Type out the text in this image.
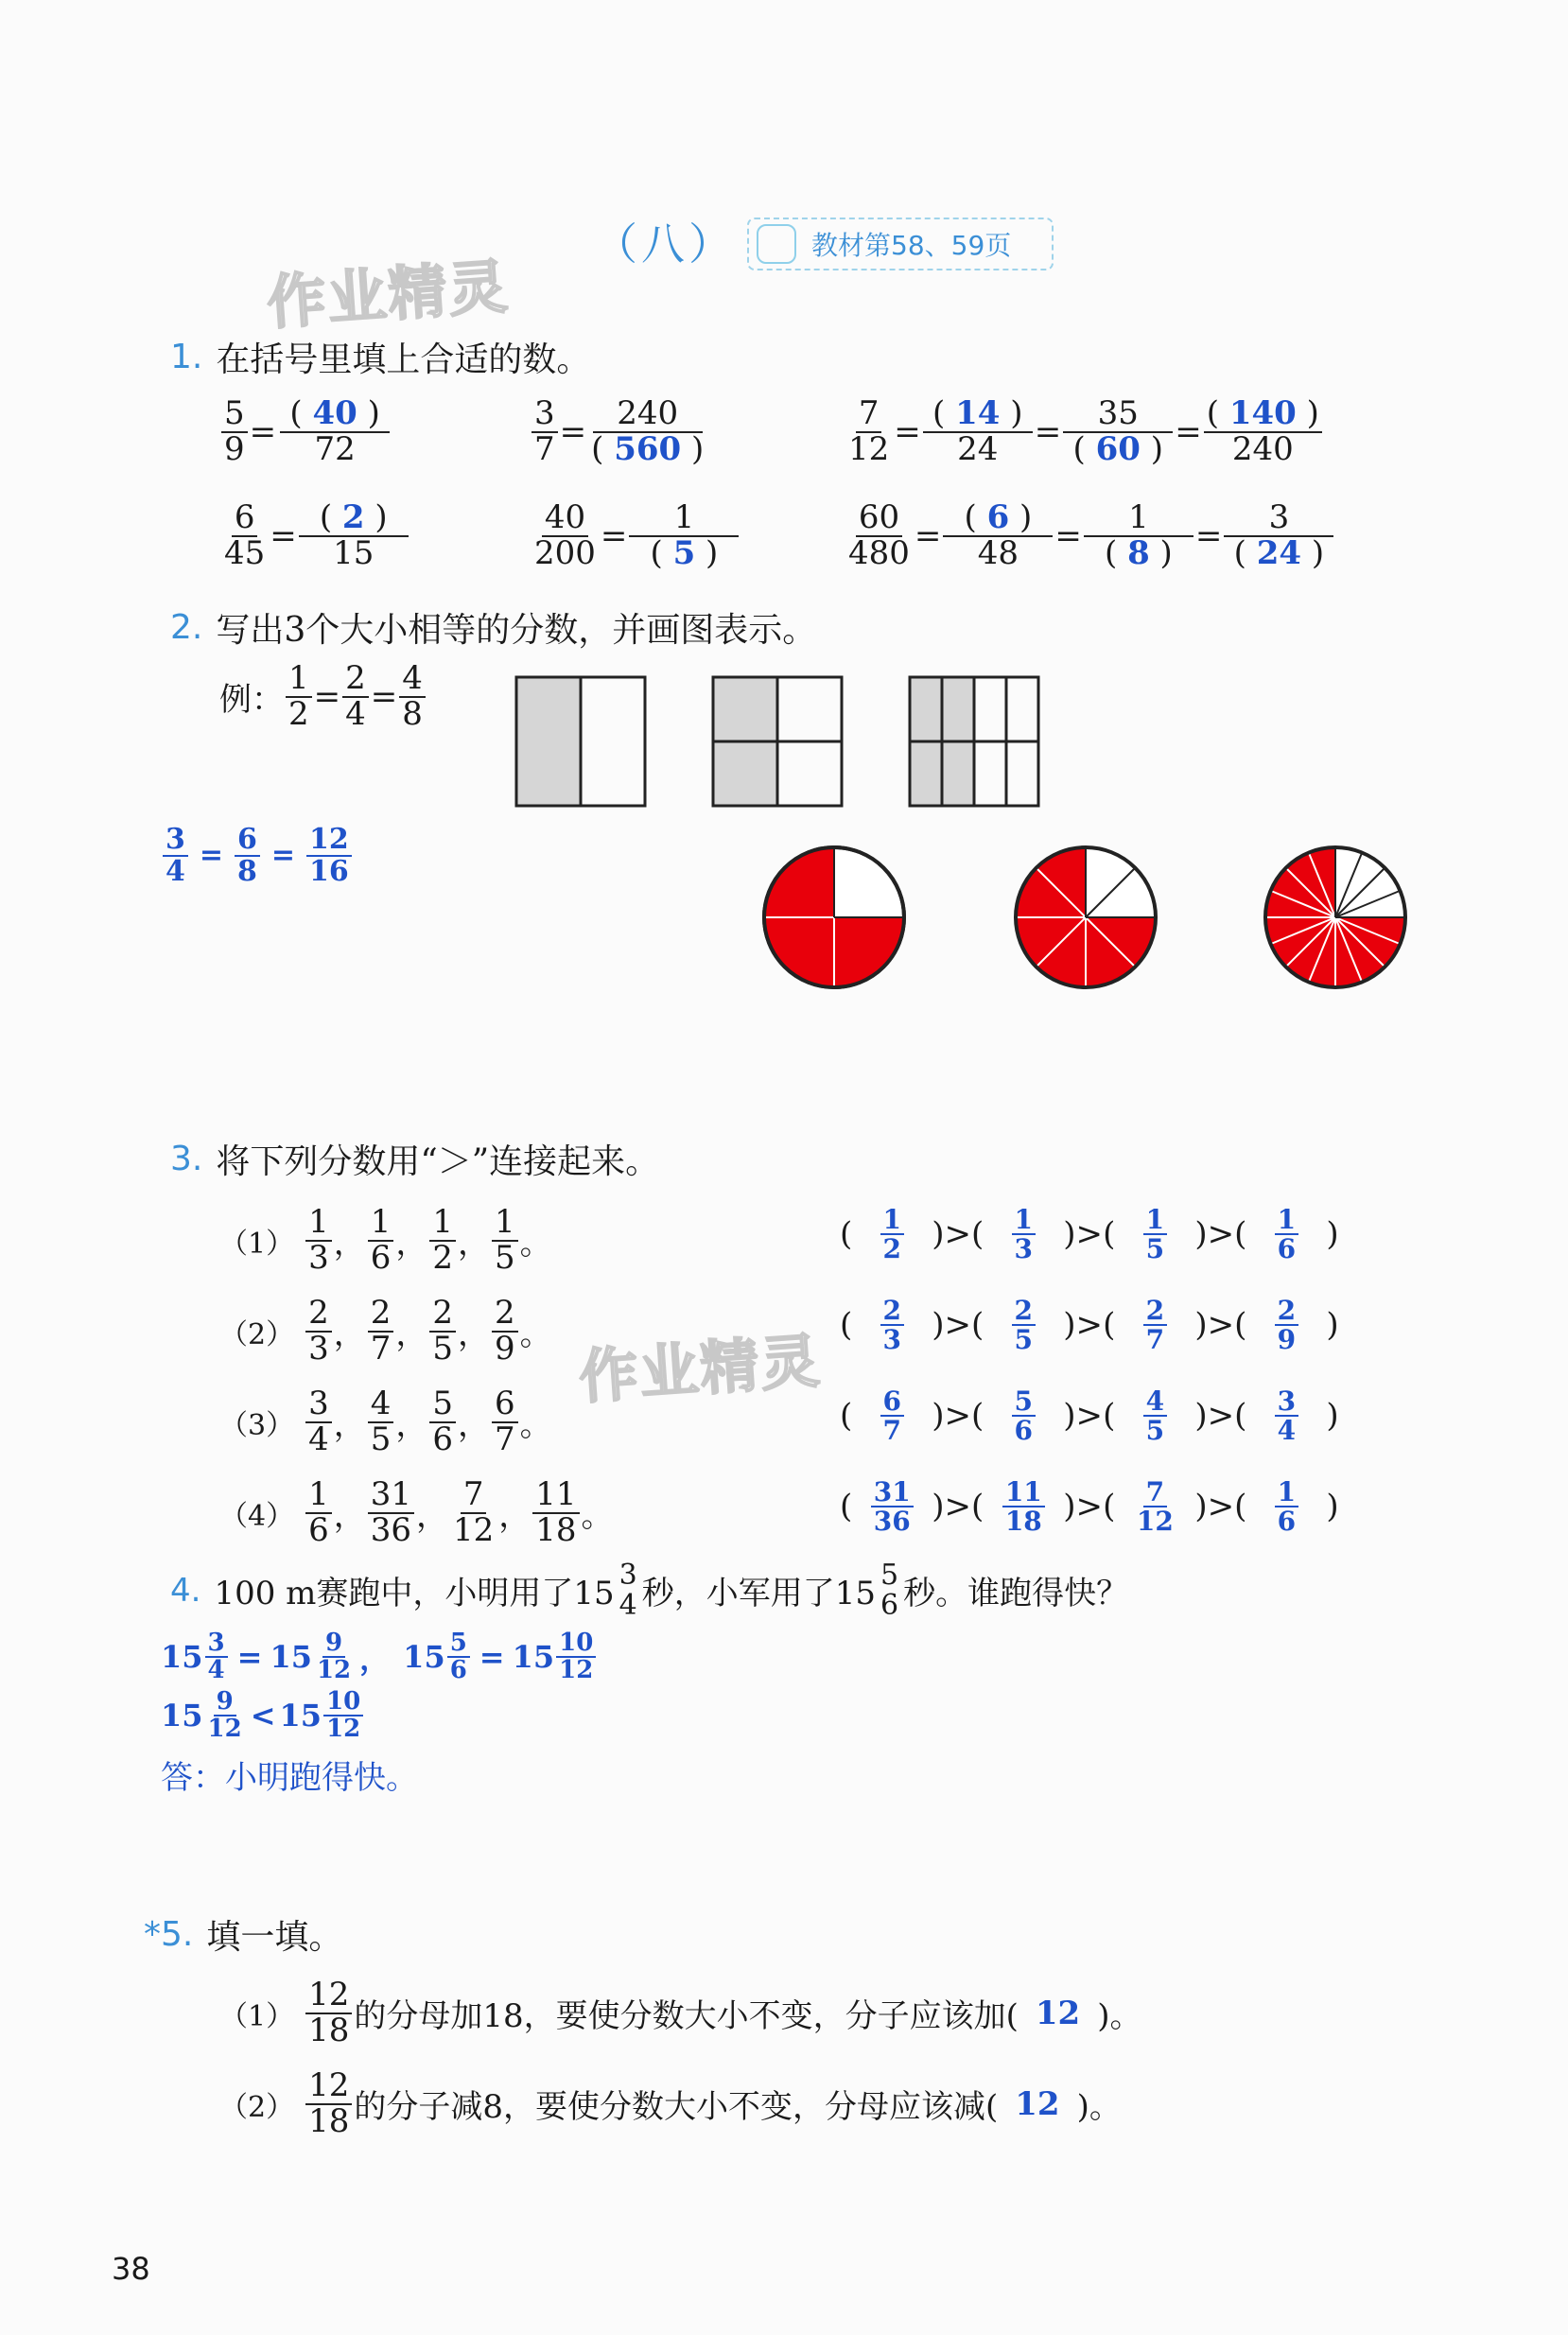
（八）	教材第58、59页
作业精灵
1. 在括号里填上合适的数。
$\frac{5}{9} = \frac{( 40 )}{72}$	$\frac{3}{7} = \frac{240}{( 560 )}$	$\frac{7}{12} = \frac{( 14 )}{24} = \frac{35}{( 60 )} = \frac{( 140 )}{240}$
$\frac{6}{45} = \frac{( 2 )}{15}$	$\frac{40}{200} = \frac{1}{( 5 )}$	$\frac{60}{480} = \frac{( 6 )}{48} = \frac{1}{( 8 )} = \frac{3}{( 24 )}$
2. 写出3个大小相等的分数，并画图表示。
例： $\frac{1}{2} = \frac{2}{4} = \frac{4}{8}$
$\frac{3}{4} = \frac{6}{8} = \frac{12}{16}$
3. 将下列分数用“＞”连接起来。
作业精灵
$(1) \frac{1}{3}$ ， $\frac{1}{6}$ ， $\frac{1}{2}$ ， $\frac{1}{5}$ 。	( $\frac{1}{2}$ )> ( $\frac{1}{3}$ )> ( $\frac{1}{5}$ )> ( $\frac{1}{6}$ )
$(2) \frac{2}{3}$ ， $\frac{2}{7}$ ， $\frac{2}{5}$ ， $\frac{2}{9}$ 。	( $\frac{2}{3}$ )> ( $\frac{2}{5}$ )> ( $\frac{2}{7}$ )> ( $\frac{2}{9}$ )
$(3) \frac{3}{4}$ ， $\frac{4}{5}$ ， $\frac{5}{6}$ ， $\frac{6}{7}$ 。	( $\frac{6}{7}$ )> ( $\frac{5}{6}$ )> ( $\frac{4}{5}$ )> ( $\frac{3}{4}$ )
$(4) \frac{1}{6}$ ， $\frac{31}{36}$ ， $\frac{7}{12}$ ， $\frac{11}{18}$ 。	( $\frac{31}{36}$ )> ( $\frac{11}{18}$ )> ( $\frac{7}{12}$ )> ( $\frac{1}{6}$ )
4. 100 m赛跑中，小明用了15 3
4 秒，小军用了15 5
6 秒。谁跑得快？
$15 \frac{3}{4} = 15 \frac{9}{12}$ ， $15 \frac{5}{6} = 15 \frac{10}{12}$
$15 \frac{9}{12} < 15 \frac{10}{12}$
答：小明跑得快。
*5. 填一填。
$(1) \frac{12}{18}$ 的分母加18，要使分数大小不变，分子应该加( 12 )。
$(2) \frac{12}{18}$ 的分子减8，要使分数大小不变，分母应该减( 12 )。
38
